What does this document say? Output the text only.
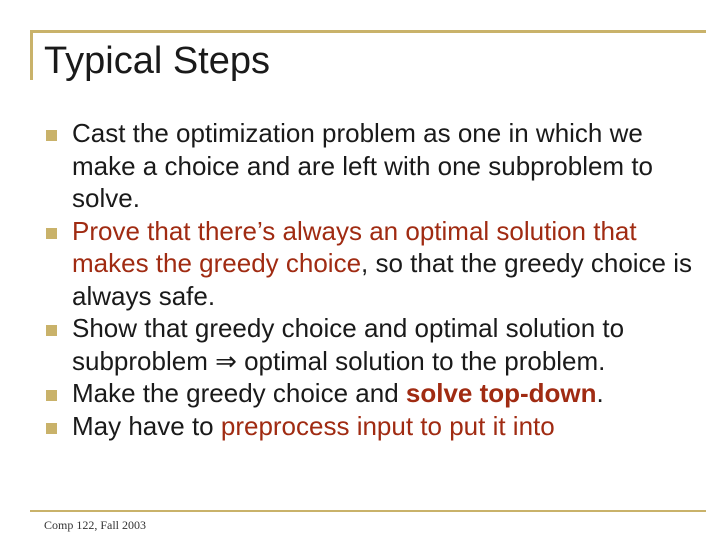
Typical Steps
Cast the optimization problem as one in which we make a choice and are left with one subproblem to solve.
Prove that there’s always an optimal solution that makes the greedy choice, so that the greedy choice is always safe.
Show that greedy choice and optimal solution to subproblem ⇒ optimal solution to the problem.
Make the greedy choice and solve top-down.
May have to preprocess input to put it into
Comp 122, Fall 2003
